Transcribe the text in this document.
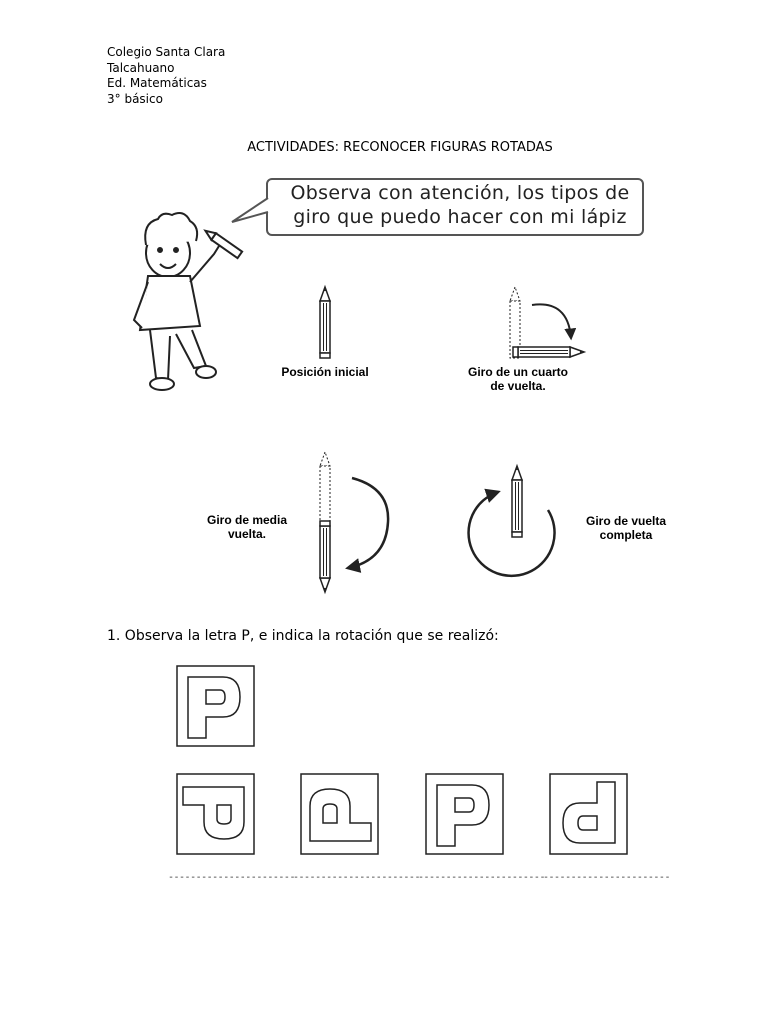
Colegio Santa Clara
Talcahuano
Ed. Matemáticas
3° básico
ACTIVIDADES: RECONOCER FIGURAS ROTADAS
Observa con atención, los tipos de
giro que puedo hacer con mi lápiz
Posición inicial	Giro de un cuarto
de vuelta.
Giro de media
vuelta.
Giro de vuelta
completa
1. Observa la letra P, e indica la rotación que se realizó:
-----------------------
-----------------------
-----------------------
-----------------------
